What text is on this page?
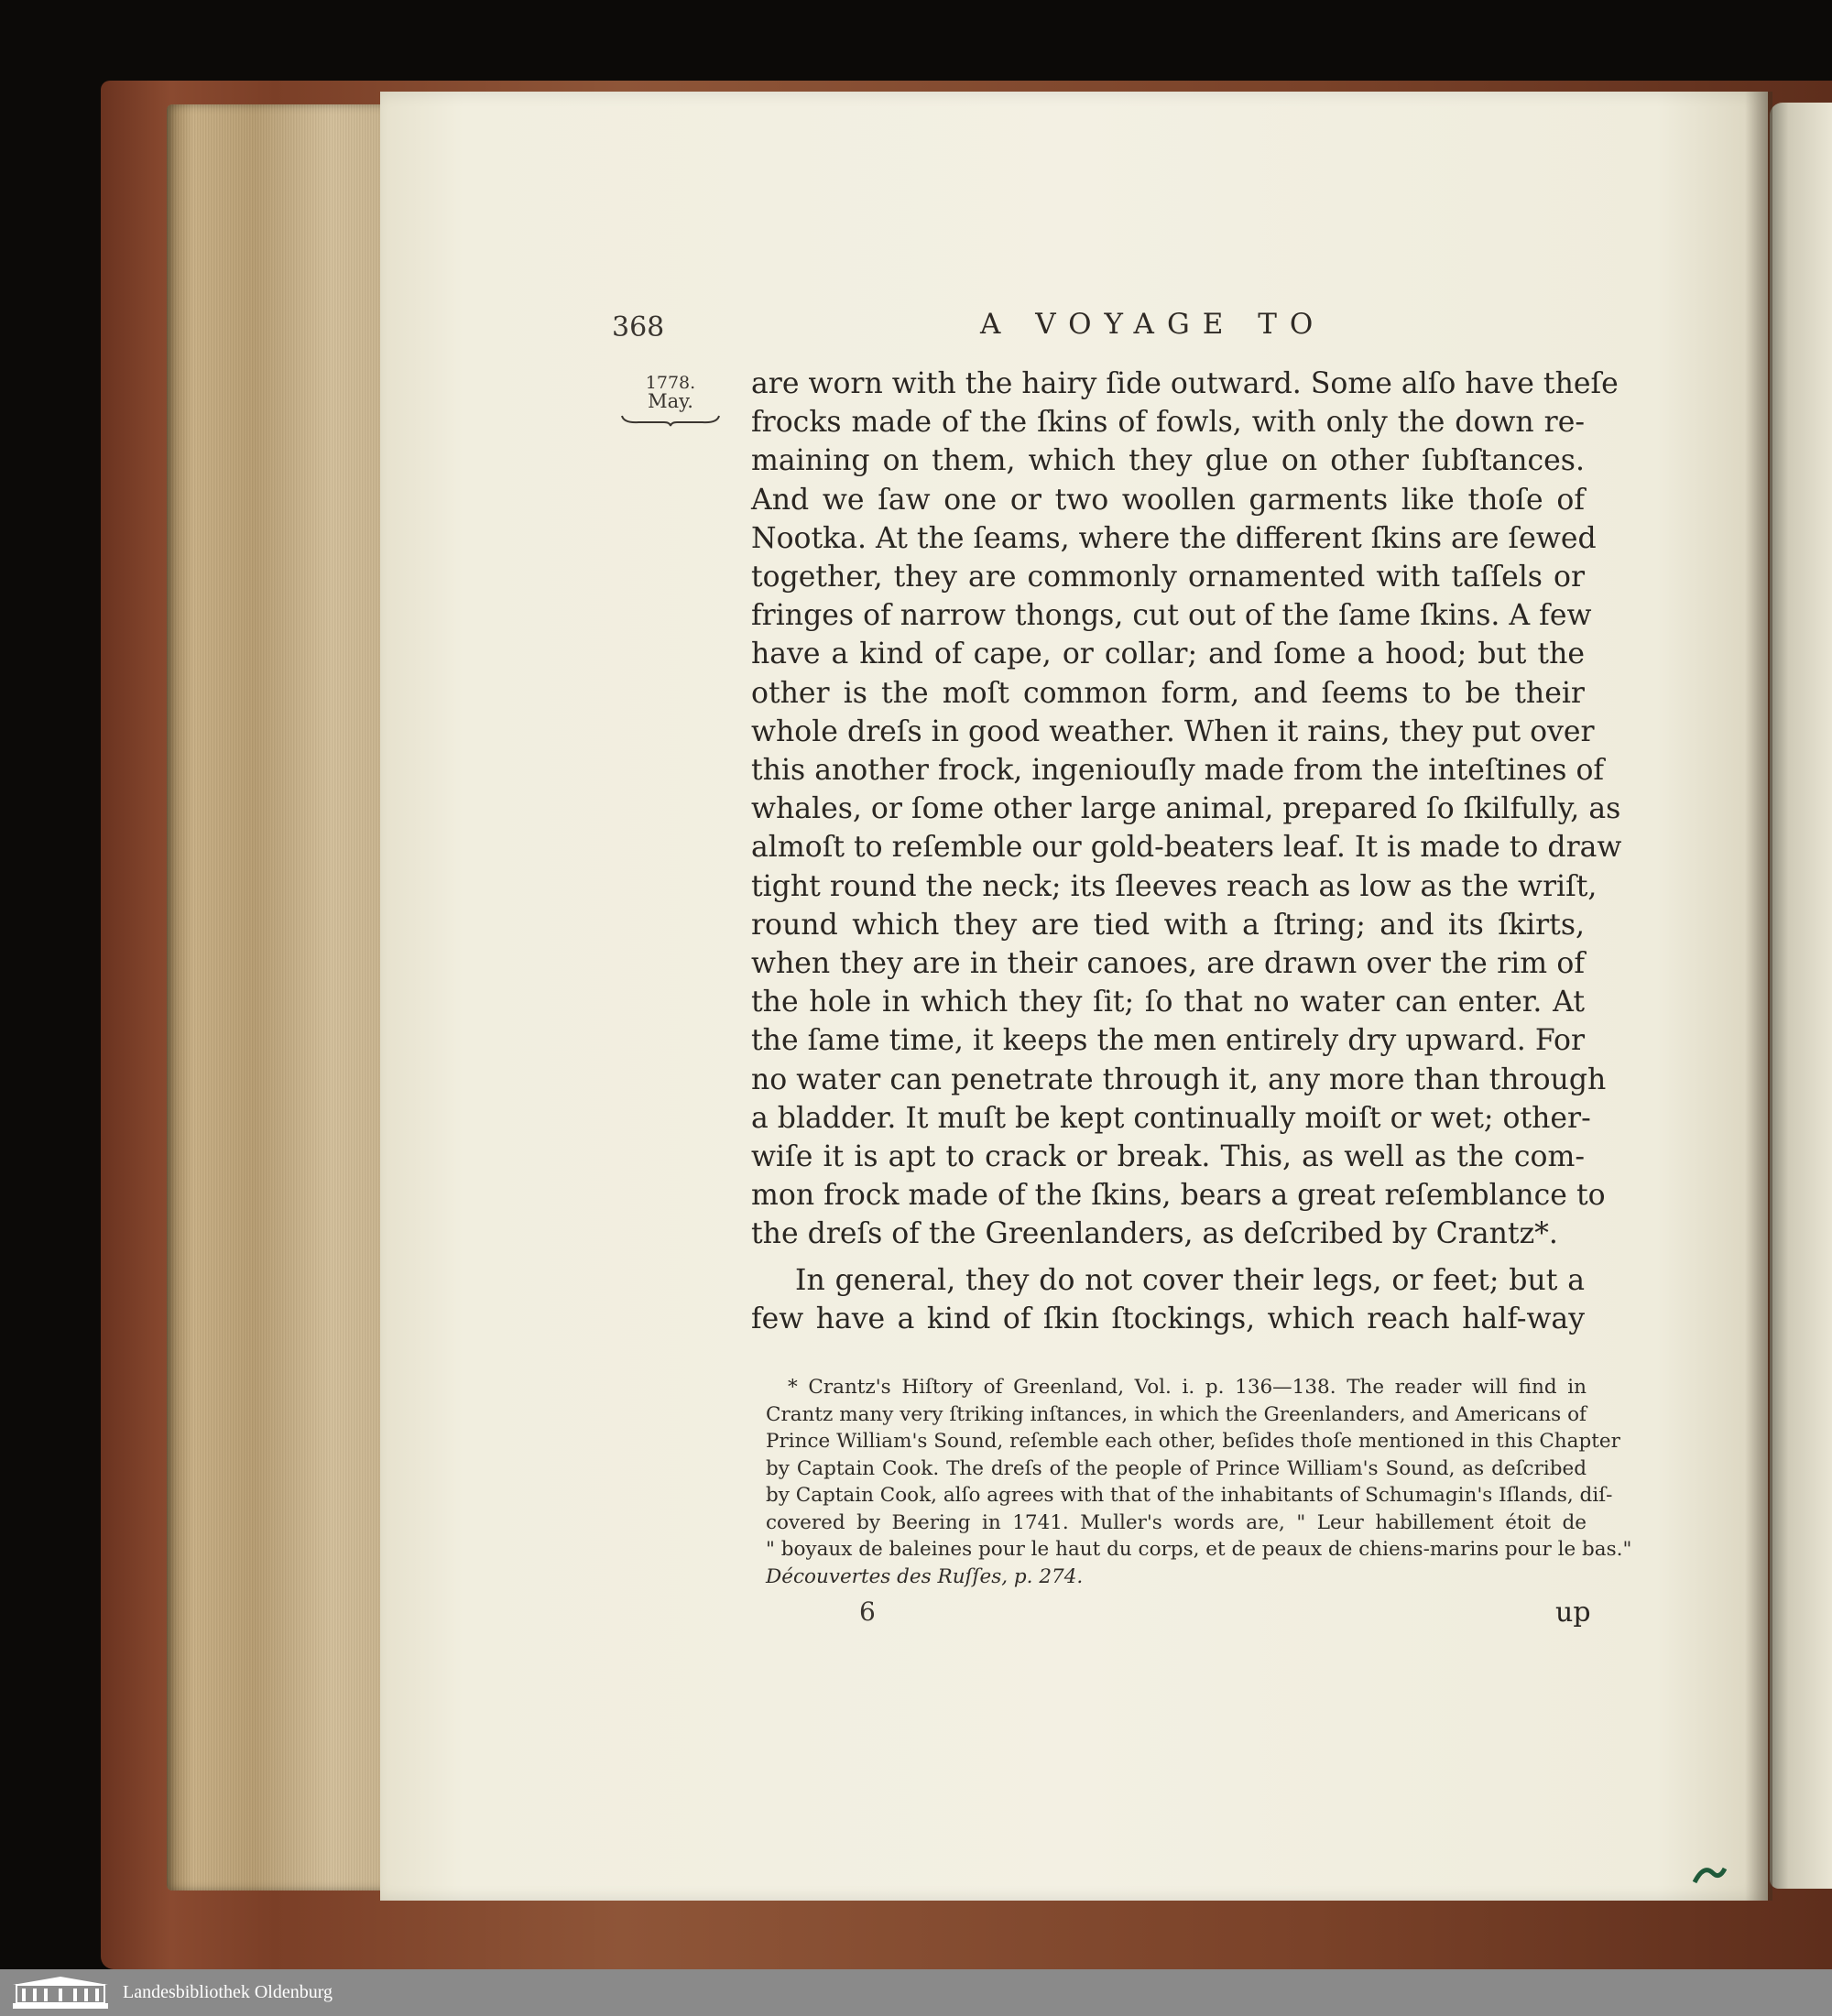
368	A VOYAGE TO

1778.
May.
are worn with the hairy ſide outward. Some alſo have theſe
frocks made of the ſkins of fowls, with only the down re-
maining on them, which they glue on other ſubſtances.
And we ſaw one or two woollen garments like thoſe of
Nootka. At the ſeams, where the different ſkins are ſewed
together, they are commonly ornamented with taſſels or
fringes of narrow thongs, cut out of the ſame ſkins. A few
have a kind of cape, or collar; and ſome a hood; but the
other is the moſt common form, and ſeems to be their
whole dreſs in good weather. When it rains, they put over
this another frock, ingeniouſly made from the inteſtines of
whales, or ſome other large animal, prepared ſo ſkilfully, as
almoſt to reſemble our gold-beaters leaf. It is made to draw
tight round the neck; its ſleeves reach as low as the wriſt,
round which they are tied with a ſtring; and its ſkirts,
when they are in their canoes, are drawn over the rim of
the hole in which they ſit; ſo that no water can enter. At
the ſame time, it keeps the men entirely dry upward. For
no water can penetrate through it, any more than through
a bladder. It muſt be kept continually moiſt or wet; other-
wiſe it is apt to crack or break. This, as well as the com-
mon frock made of the ſkins, bears a great reſemblance to
the dreſs of the Greenlanders, as deſcribed by Crantz*.
In general, they do not cover their legs, or feet; but a
few have a kind of ſkin ſtockings, which reach half-way
* Crantz's Hiſtory of Greenland, Vol. i. p. 136—138. The reader will find in
Crantz many very ſtriking inſtances, in which the Greenlanders, and Americans of
Prince William's Sound, reſemble each other, beſides thoſe mentioned in this Chapter
by Captain Cook. The dreſs of the people of Prince William's Sound, as deſcribed
by Captain Cook, alſo agrees with that of the inhabitants of Schumagin's Iſlands, diſ-
covered by Beering in 1741. Muller's words are, " Leur habillement étoit de
" boyaux de baleines pour le haut du corps, et de peaux de chiens-marins pour le bas."
Découvertes des Ruſſes, p. 274.

6	up

Landesbibliothek Oldenburg
